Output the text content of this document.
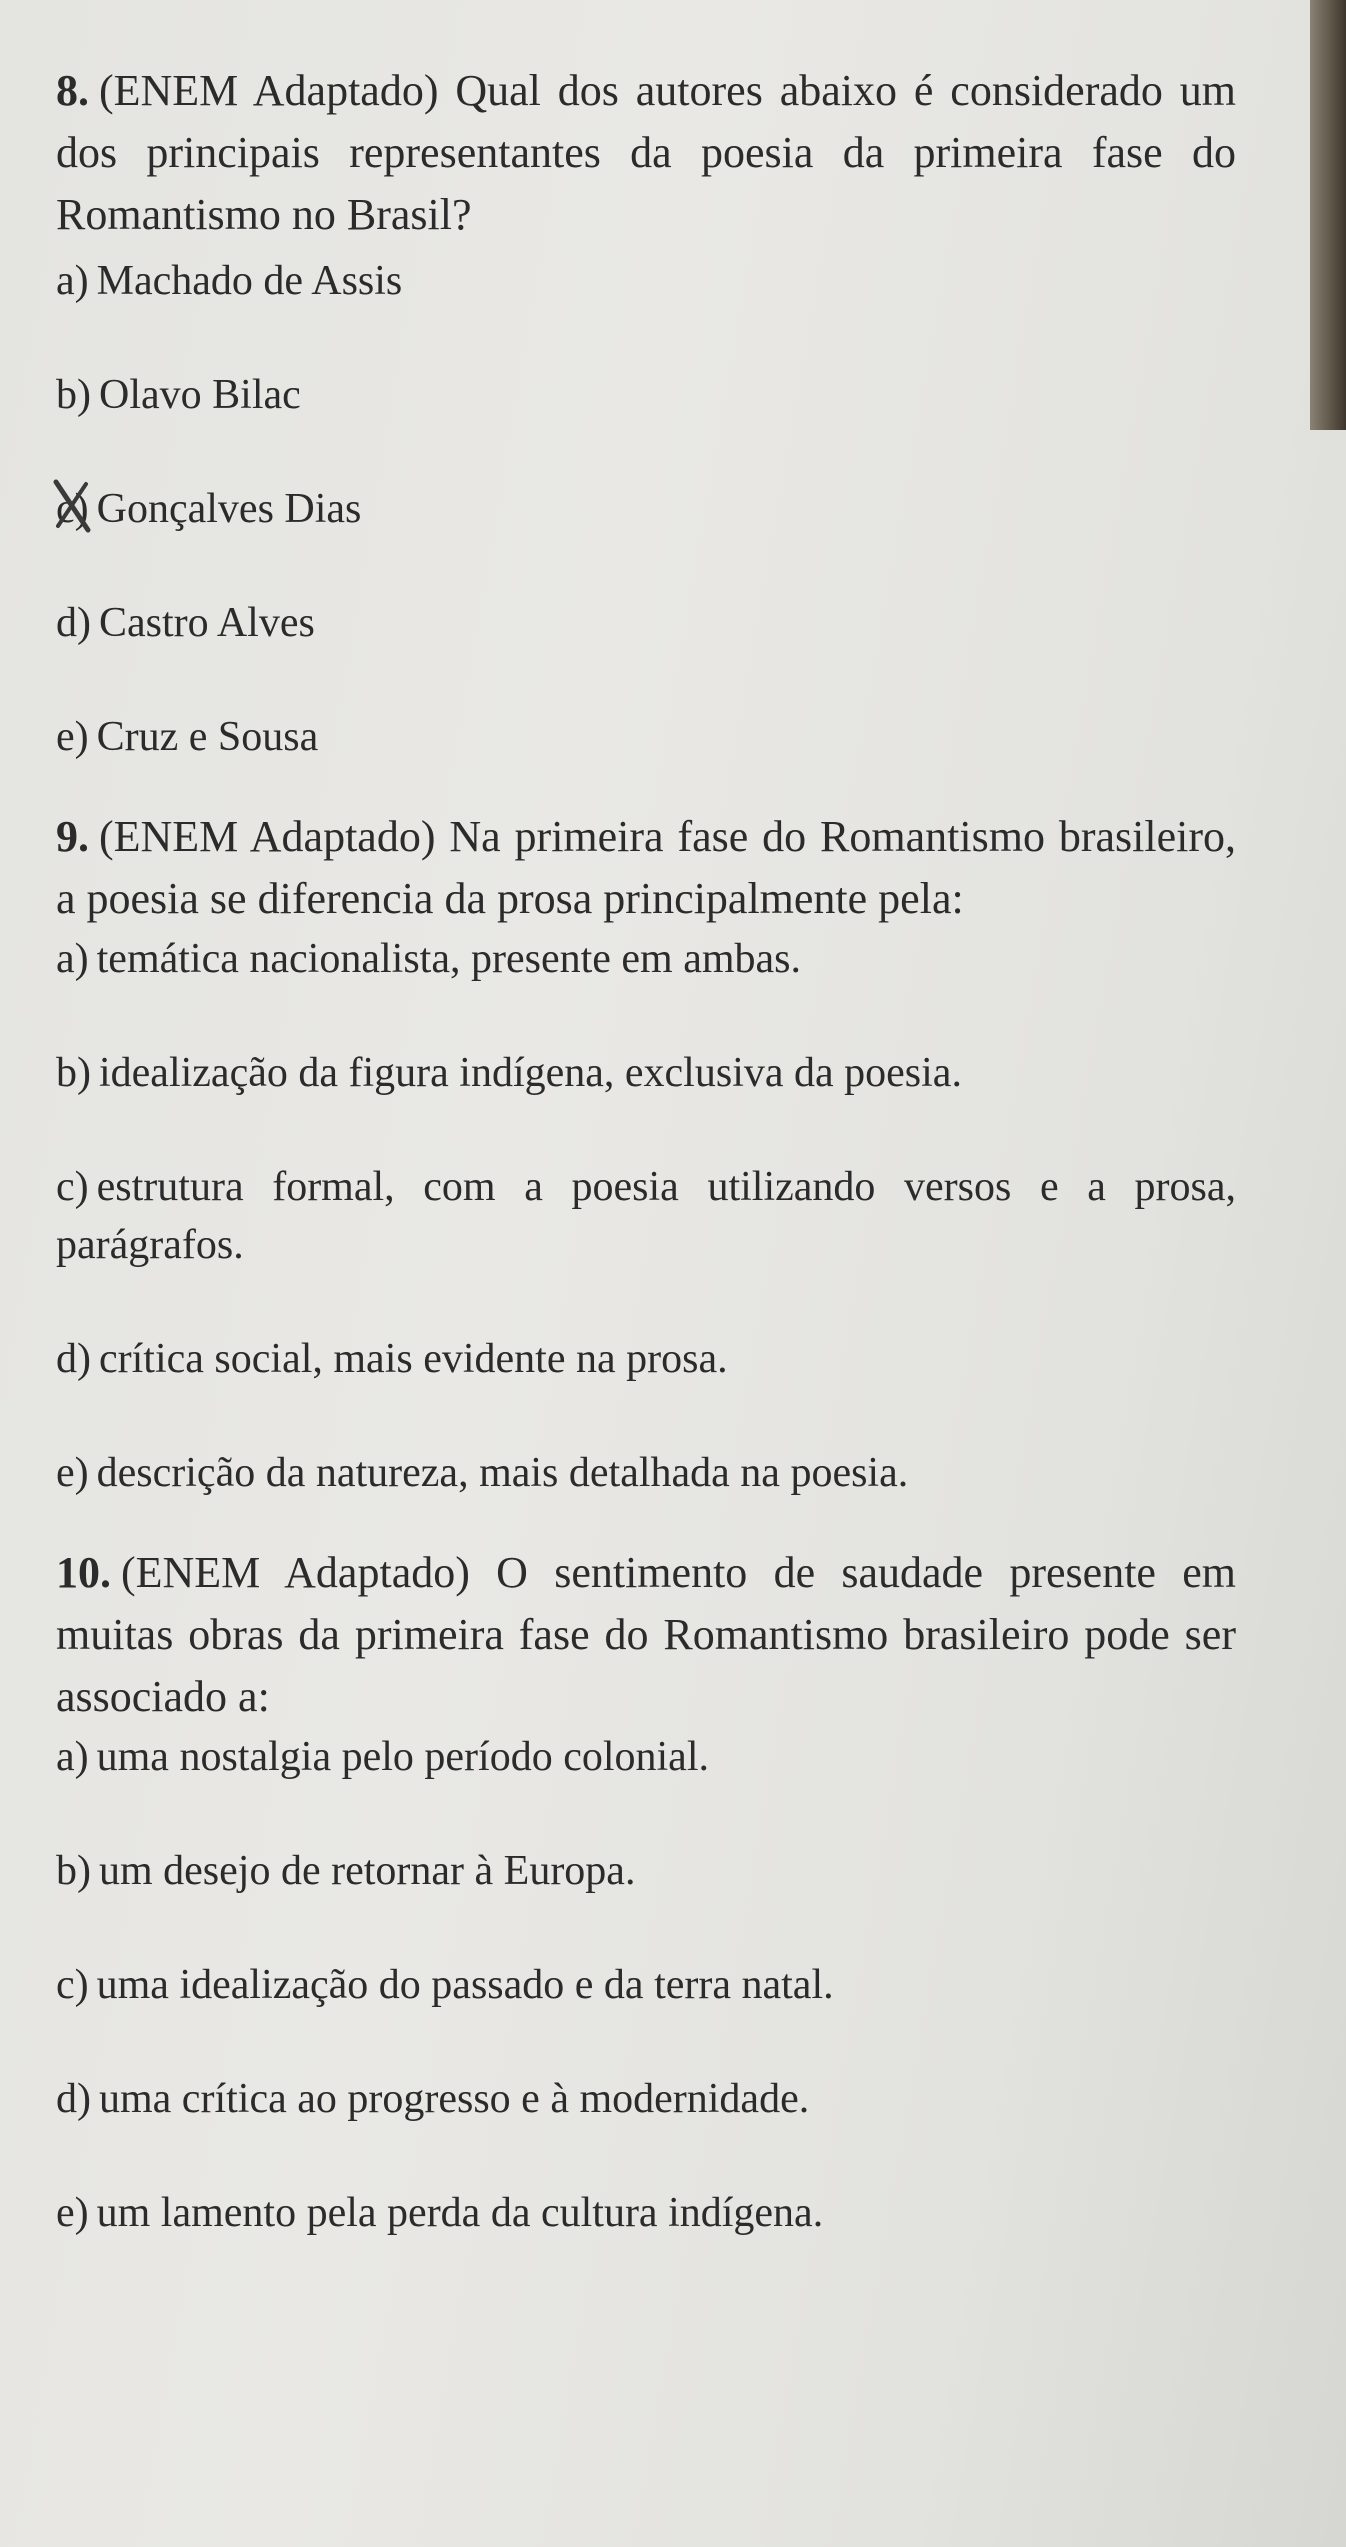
8. (ENEM Adaptado) Qual dos autores abaixo é considerado um dos principais representantes da poesia da primeira fase do Romantismo no Brasil?

a) Machado de Assis

b) Olavo Bilac

c) Gonçalves Dias

d) Castro Alves

e) Cruz e Sousa

9. (ENEM Adaptado) Na primeira fase do Romantismo brasileiro, a poesia se diferencia da prosa principalmente pela:

a) temática nacionalista, presente em ambas.

b) idealização da figura indígena, exclusiva da poesia.

c) estrutura formal, com a poesia utilizando versos e a prosa, parágrafos.

d) crítica social, mais evidente na prosa.

e) descrição da natureza, mais detalhada na poesia.

10. (ENEM Adaptado) O sentimento de saudade presente em muitas obras da primeira fase do Romantismo brasileiro pode ser associado a:

a) uma nostalgia pelo período colonial.

b) um desejo de retornar à Europa.

c) uma idealização do passado e da terra natal.

d) uma crítica ao progresso e à modernidade.

e) um lamento pela perda da cultura indígena.
